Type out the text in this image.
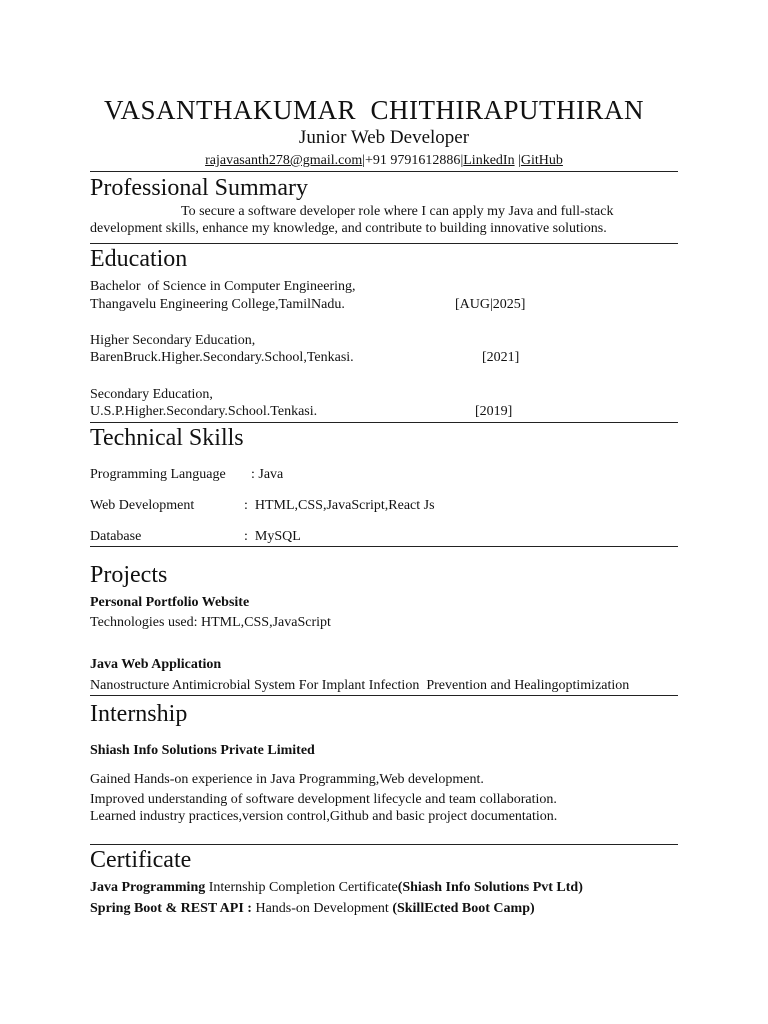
VASANTHAKUMAR  CHITHIRAPUTHIRAN
Junior Web Developer
rajavasanth278@gmail.com|+91 9791612886|LinkedIn |GitHub
Professional Summary
To secure a software developer role where I can apply my Java and full-stack
development skills, enhance my knowledge, and contribute to building innovative solutions.
Education
Bachelor  of Science in Computer Engineering,
Thangavelu Engineering College,TamilNadu.	[AUG|2025]
Higher Secondary Education,
BarenBruck.Higher.Secondary.School,Tenkasi.	[2021]
Secondary Education,
U.S.P.Higher.Secondary.School.Tenkasi.	[2019]
Technical Skills
Programming Language : Java
Web Development	:  HTML,CSS,JavaScript,React Js
Database	:  MySQL
Projects
Personal Portfolio Website
Technologies used: HTML,CSS,JavaScript
Java Web Application
Nanostructure Antimicrobial System For Implant Infection  Prevention and Healingoptimization
Internship
Shiash Info Solutions Private Limited
Gained Hands-on experience in Java Programming,Web development.
Improved understanding of software development lifecycle and team collaboration.
Learned industry practices,version control,Github and basic project documentation.
Certificate
Java Programming Internship Completion Certificate(Shiash Info Solutions Pvt Ltd)
Spring Boot & REST API : Hands-on Development (SkillEcted Boot Camp)
